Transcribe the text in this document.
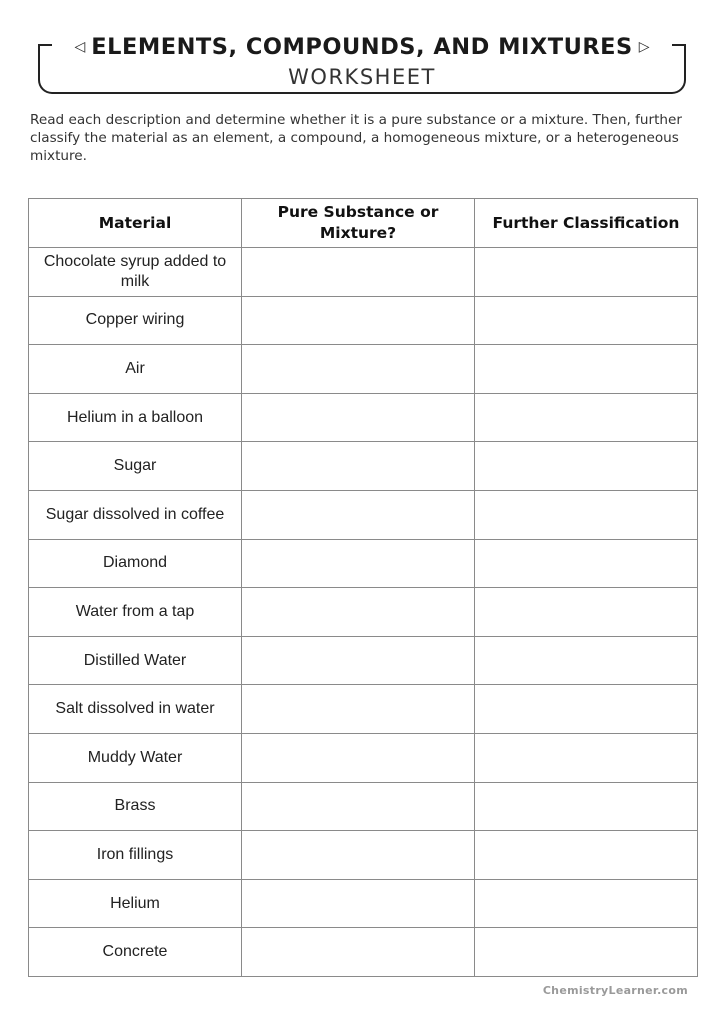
◁ ELEMENTS, COMPOUNDS, AND MIXTURES ▷
WORKSHEET

Read each description and determine whether it is a pure substance or a mixture. Then, further classify the material as an element, a compound, a homogeneous mixture, or a heterogeneous mixture.

Material	Pure Substance or Mixture?	Further Classification
Chocolate syrup added to milk		
Copper wiring		
Air		
Helium in a balloon		
Sugar		
Sugar dissolved in coffee		
Diamond		
Water from a tap		
Distilled Water		
Salt dissolved in water		
Muddy Water		
Brass		
Iron fillings		
Helium		
Concrete		
ChemistryLearner.com
